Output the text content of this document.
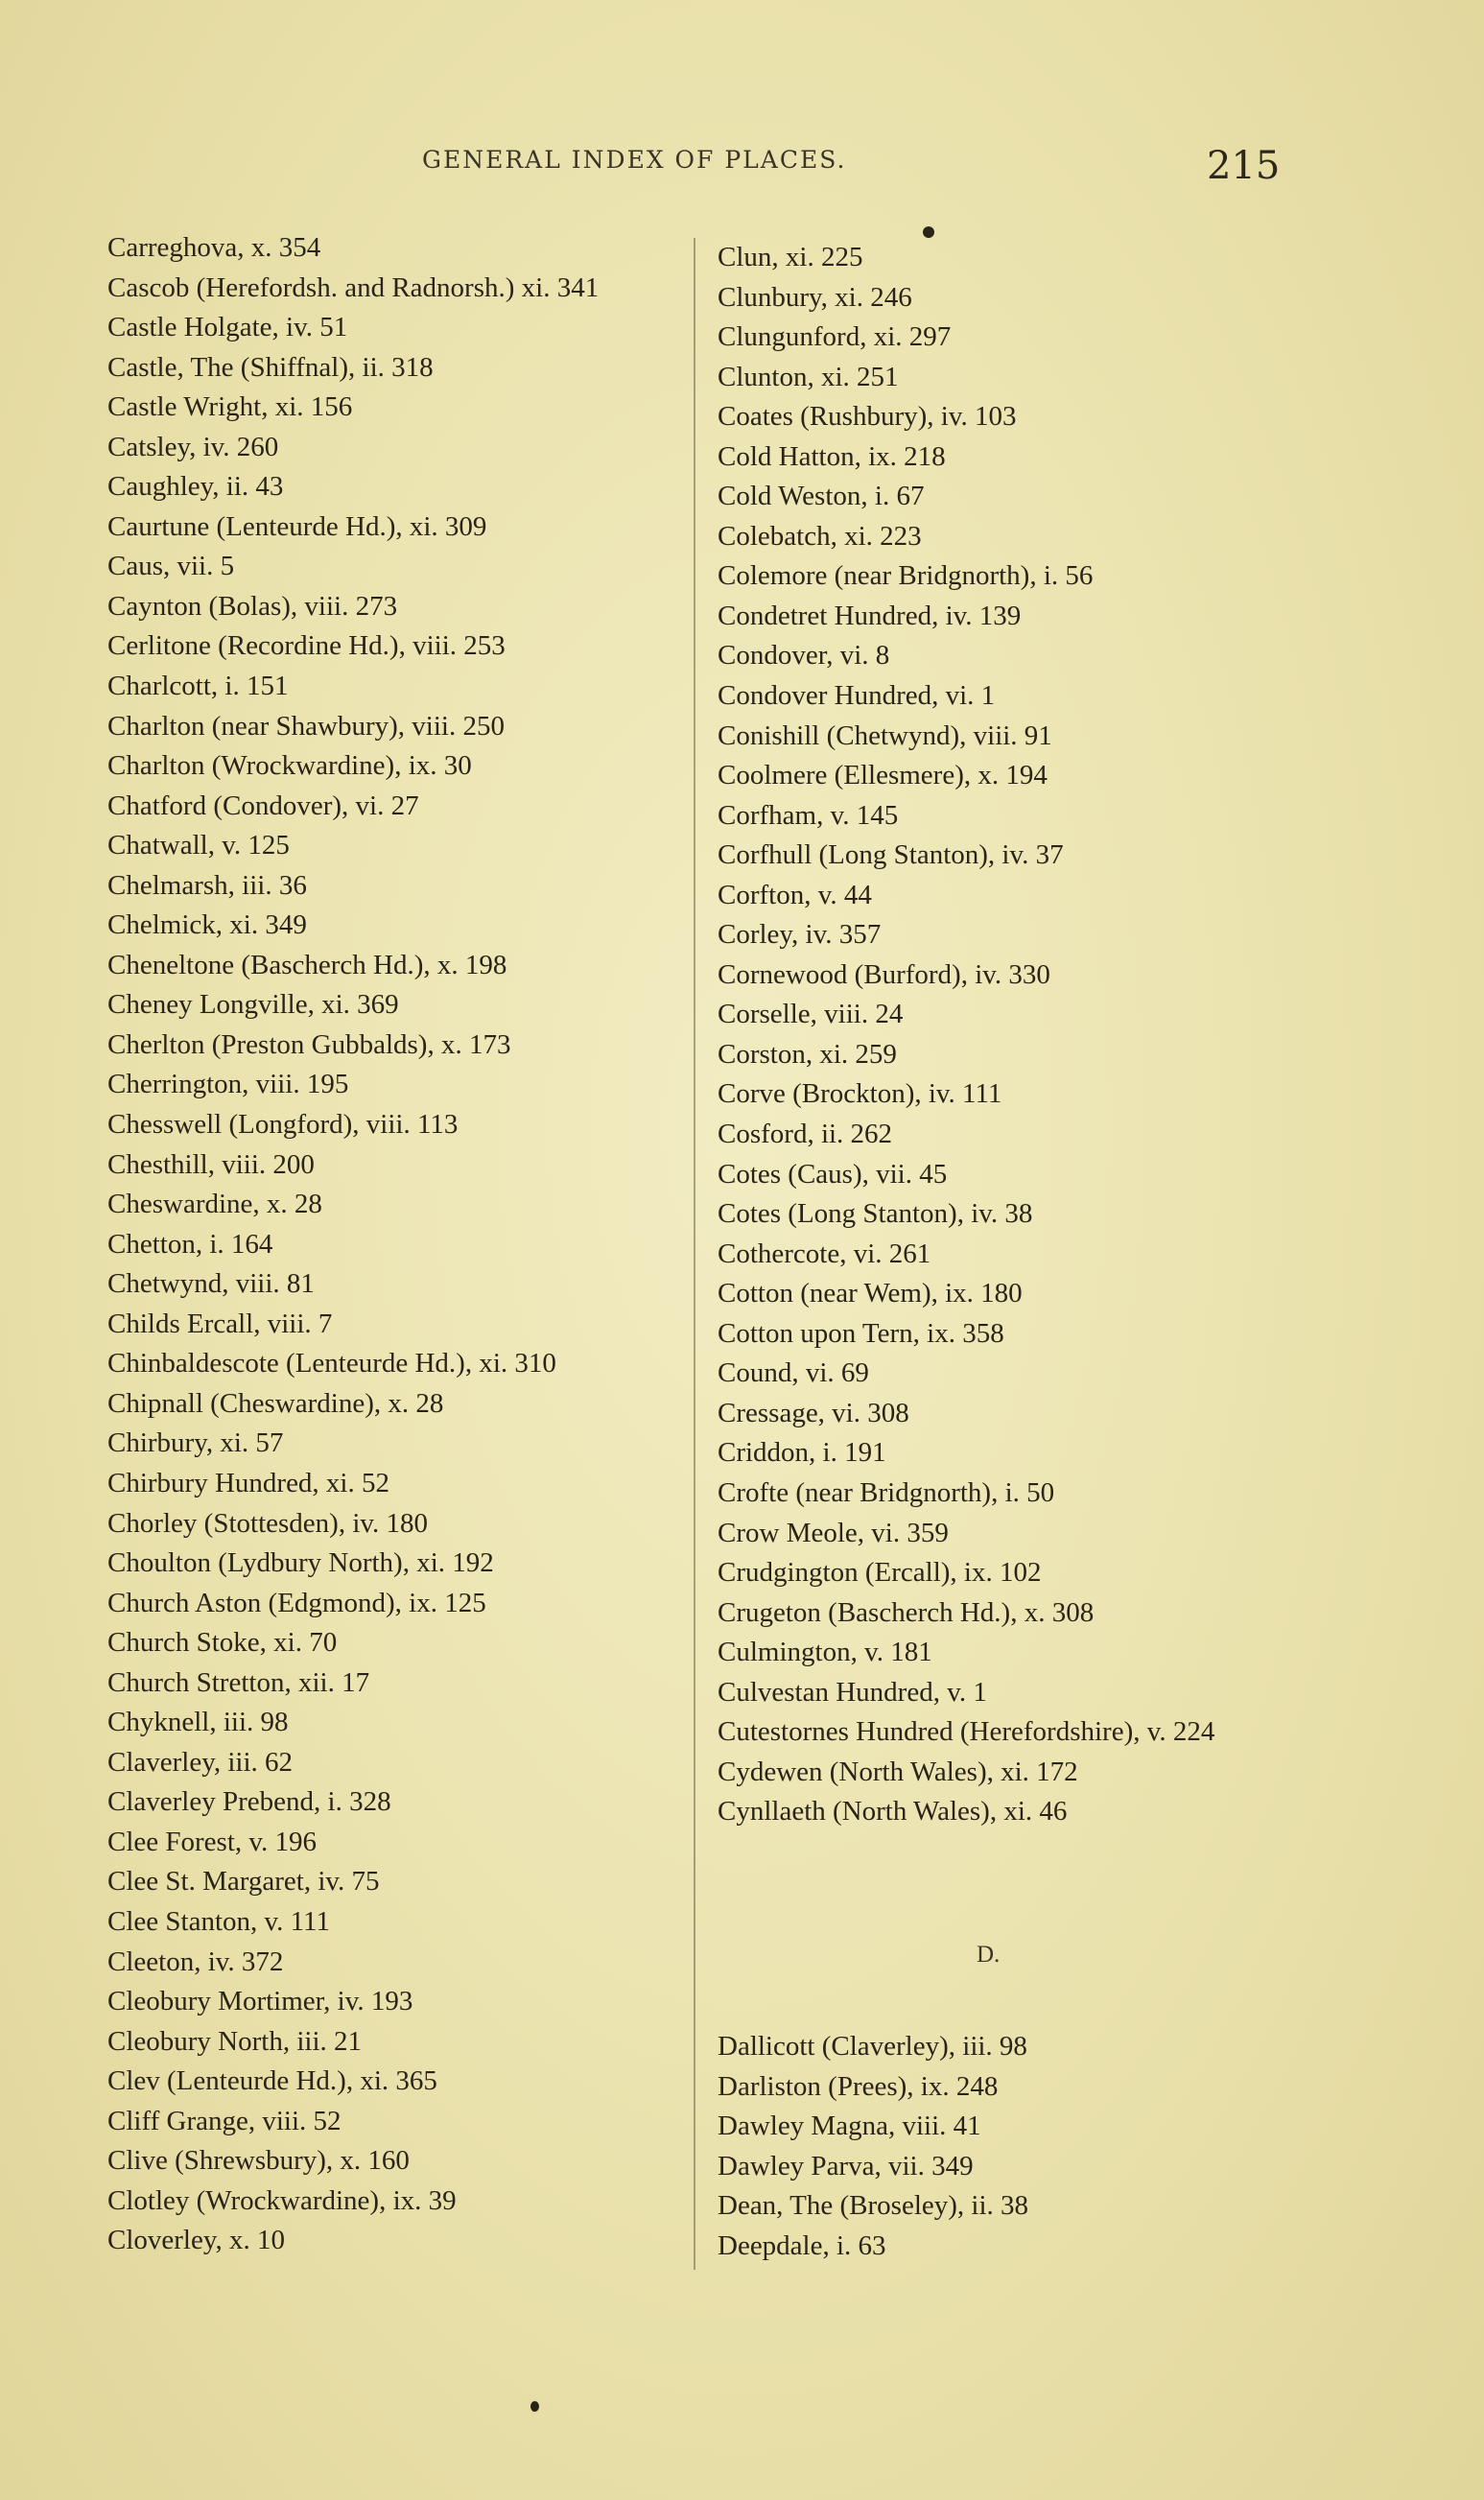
GENERAL INDEX OF PLACES.	215
Carreghova, x. 354
Cascob (Herefordsh. and Radnorsh.) xi. 341
Castle Holgate, iv. 51
Castle, The (Shiffnal), ii. 318
Castle Wright, xi. 156
Catsley, iv. 260
Caughley, ii. 43
Caurtune (Lenteurde Hd.), xi. 309
Caus, vii. 5
Caynton (Bolas), viii. 273
Cerlitone (Recordine Hd.), viii. 253
Charlcott, i. 151
Charlton (near Shawbury), viii. 250
Charlton (Wrockwardine), ix. 30
Chatford (Condover), vi. 27
Chatwall, v. 125
Chelmarsh, iii. 36
Chelmick, xi. 349
Cheneltone (Bascherch Hd.), x. 198
Cheney Longville, xi. 369
Cherlton (Preston Gubbalds), x. 173
Cherrington, viii. 195
Chesswell (Longford), viii. 113
Chesthill, viii. 200
Cheswardine, x. 28
Chetton, i. 164
Chetwynd, viii. 81
Childs Ercall, viii. 7
Chinbaldescote (Lenteurde Hd.), xi. 310
Chipnall (Cheswardine), x. 28
Chirbury, xi. 57
Chirbury Hundred, xi. 52
Chorley (Stottesden), iv. 180
Choulton (Lydbury North), xi. 192
Church Aston (Edgmond), ix. 125
Church Stoke, xi. 70
Church Stretton, xii. 17
Chyknell, iii. 98
Claverley, iii. 62
Claverley Prebend, i. 328
Clee Forest, v. 196
Clee St. Margaret, iv. 75
Clee Stanton, v. 111
Cleeton, iv. 372
Cleobury Mortimer, iv. 193
Cleobury North, iii. 21
Clev (Lenteurde Hd.), xi. 365
Cliff Grange, viii. 52
Clive (Shrewsbury), x. 160
Clotley (Wrockwardine), ix. 39
Cloverley, x. 10
Clun, xi. 225
Clunbury, xi. 246
Clungunford, xi. 297
Clunton, xi. 251
Coates (Rushbury), iv. 103
Cold Hatton, ix. 218
Cold Weston, i. 67
Colebatch, xi. 223
Colemore (near Bridgnorth), i. 56
Condetret Hundred, iv. 139
Condover, vi. 8
Condover Hundred, vi. 1
Conishill (Chetwynd), viii. 91
Coolmere (Ellesmere), x. 194
Corfham, v. 145
Corfhull (Long Stanton), iv. 37
Corfton, v. 44
Corley, iv. 357
Cornewood (Burford), iv. 330
Corselle, viii. 24
Corston, xi. 259
Corve (Brockton), iv. 111
Cosford, ii. 262
Cotes (Caus), vii. 45
Cotes (Long Stanton), iv. 38
Cothercote, vi. 261
Cotton (near Wem), ix. 180
Cotton upon Tern, ix. 358
Cound, vi. 69
Cressage, vi. 308
Criddon, i. 191
Crofte (near Bridgnorth), i. 50
Crow Meole, vi. 359
Crudgington (Ercall), ix. 102
Crugeton (Bascherch Hd.), x. 308
Culmington, v. 181
Culvestan Hundred, v. 1
Cutestornes Hundred (Herefordshire), v. 224
Cydewen (North Wales), xi. 172
Cynllaeth (North Wales), xi. 46
D.
Dallicott (Claverley), iii. 98
Darliston (Prees), ix. 248
Dawley Magna, viii. 41
Dawley Parva, vii. 349
Dean, The (Broseley), ii. 38
Deepdale, i. 63
